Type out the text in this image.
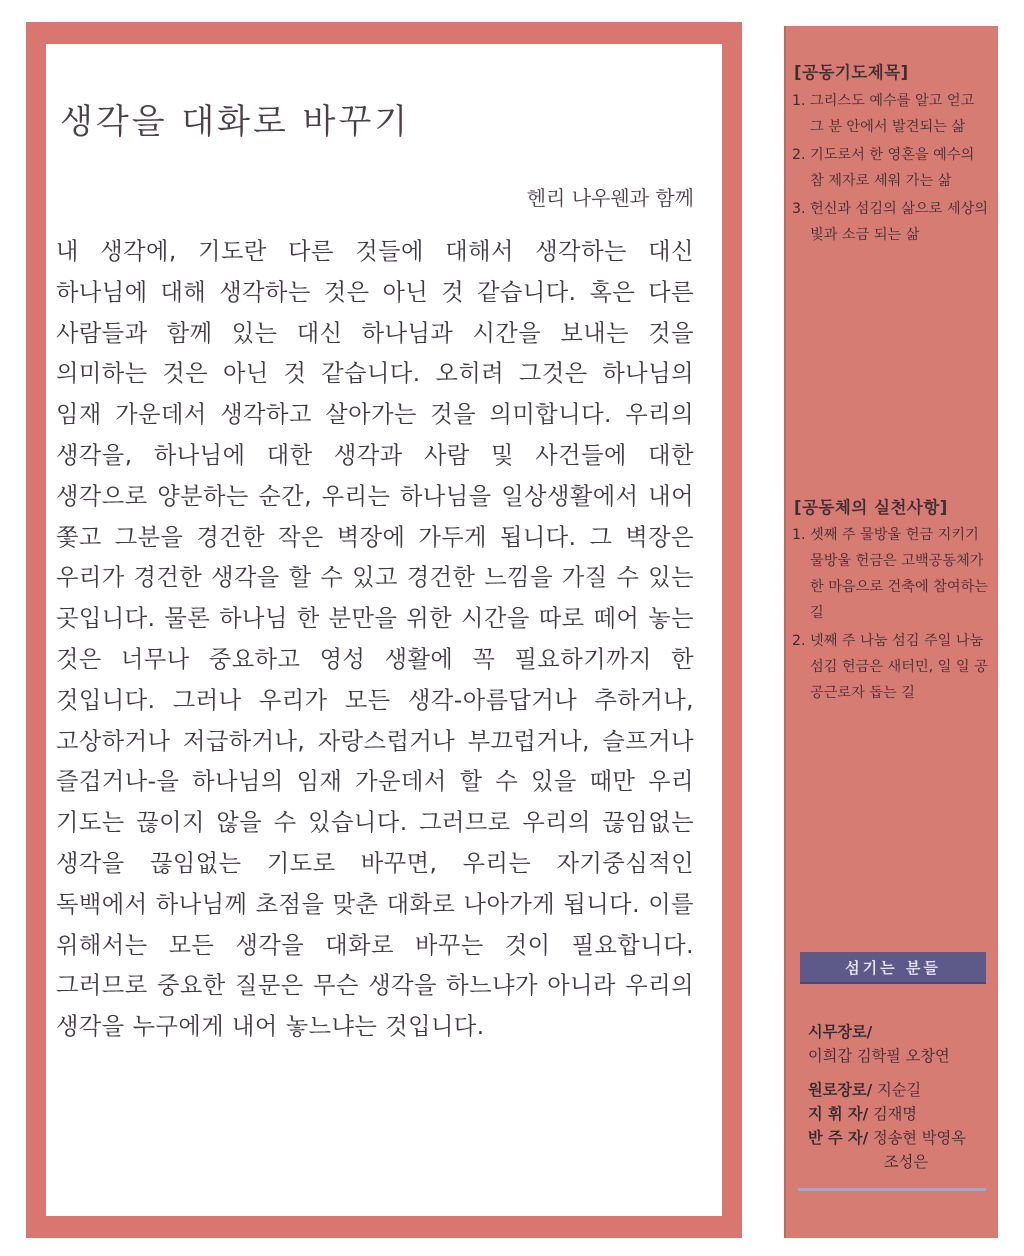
생각을 대화로 바꾸기

헨리 나우웬과 함께

내 생각에, 기도란 다른 것들에 대해서 생각하는 대신 하나님에 대해 생각하는 것은 아닌 것 같습니다. 혹은 다른 사람들과 함께 있는 대신 하나님과 시간을 보내는 것을 의미하는 것은 아닌 것 같습니다. 오히려 그것은 하나님의 임재 가운데서 생각하고 살아가는 것을 의미합니다. 우리의 생각을, 하나님에 대한 생각과 사람 및 사건들에 대한 생각으로 양분하는 순간, 우리는 하나님을 일상생활에서 내어 쫓고 그분을 경건한 작은 벽장에 가두게 됩니다. 그 벽장은 우리가 경건한 생각을 할 수 있고 경건한 느낌을 가질 수 있는 곳입니다. 물론 하나님 한 분만을 위한 시간을 따로 떼어 놓는 것은 너무나 중요하고 영성 생활에 꼭 필요하기까지 한 것입니다. 그러나 우리가 모든 생각-아름답거나 추하거나, 고상하거나 저급하거나, 자랑스럽거나 부끄럽거나, 슬프거나 즐겁거나-을 하나님의 임재 가운데서 할 수 있을 때만 우리 기도는 끊이지 않을 수 있습니다. 그러므로 우리의 끊임없는 생각을 끊임없는 기도로 바꾸면, 우리는 자기중심적인 독백에서 하나님께 초점을 맞춘 대화로 나아가게 됩니다. 이를 위해서는 모든 생각을 대화로 바꾸는 것이 필요합니다. 그러므로 중요한 질문은 무슨 생각을 하느냐가 아니라 우리의 생각을 누구에게 내어 놓느냐는 것입니다.

[공동기도제목]

1. 그리스도 예수를 알고 얻고 그 분 안에서 발견되는 삶
2. 기도로서 한 영혼을 예수의 참 제자로 세워 가는 삶
3. 헌신과 섬김의 삶으로 세상의 빛과 소금 되는 삶

[공동체의 실천사항]

1. 셋째 주 물방울 헌금 지키기 물방울 헌금은 고백공동체가 한 마음으로 건축에 참여하는 길
2. 넷째 주 나눔 섬김 주일 나눔 섬김 헌금은 새터민, 일 일 공공근로자 돕는 길
섬기는 분들
시무장로/
이희갑 김학필 오창연
원로장로/ 지순길
지 휘 자/ 김재명
반 주 자/ 정송현 박영옥
조성은
